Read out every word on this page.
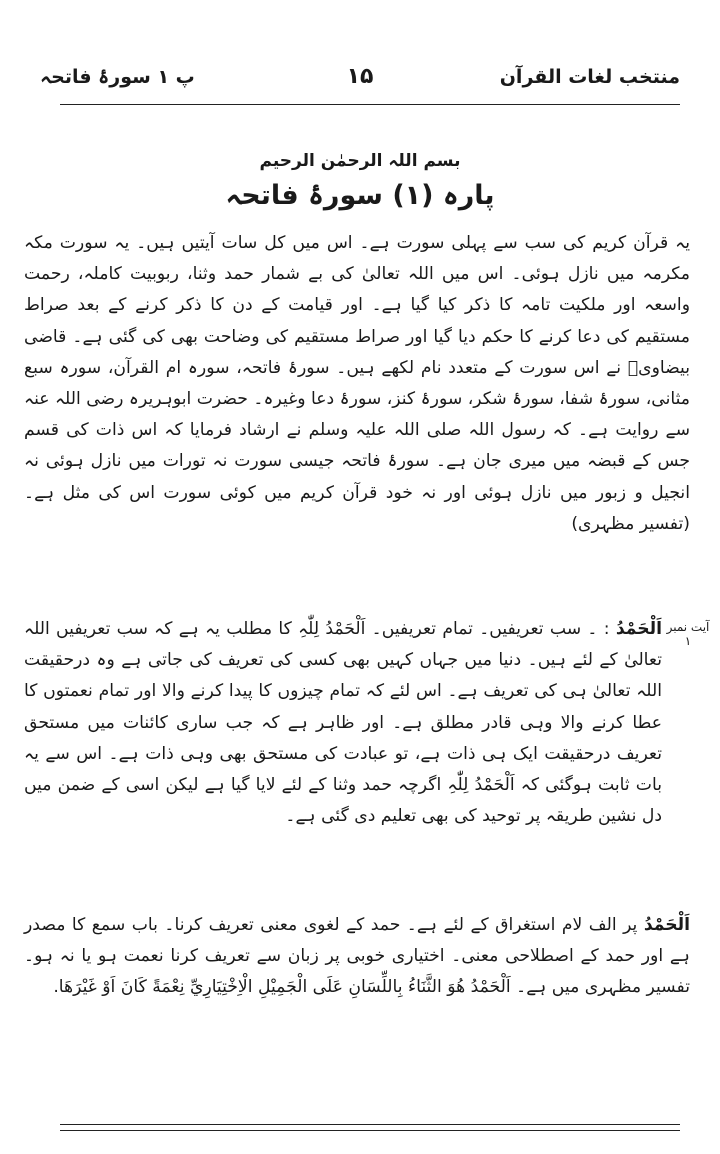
منتخب لغات القرآن
۱۵
پ ۱ سورۂ فاتحہ
بسم اللہ الرحمٰن الرحیم
پارہ (۱) سورۂ فاتحہ
یہ قرآن کریم کی سب سے پہلی سورت ہے۔ اس میں کل سات آیتیں ہیں۔ یہ سورت مکہ مکرمہ میں نازل ہوئی۔ اس میں اللہ تعالیٰ کی بے شمار حمد وثنا، ربوبیت کاملہ، رحمت واسعہ اور ملکیت تامہ کا ذکر کیا گیا ہے۔ اور قیامت کے دن کا ذکر کرنے کے بعد صراط مستقیم کی دعا کرنے کا حکم دیا گیا اور صراط مستقیم کی وضاحت بھی کی گئی ہے۔ قاضی بیضاویؒ نے اس سورت کے متعدد نام لکھے ہیں۔ سورۂ فاتحہ، سورہ ام القرآن، سورہ سبع مثانی، سورۂ شفا، سورۂ شکر، سورۂ کنز، سورۂ دعا وغیرہ۔ حضرت ابوہریرہ رضی اللہ عنہ سے روایت ہے۔ کہ رسول اللہ صلی اللہ علیہ وسلم نے ارشاد فرمایا کہ اس ذات کی قسم جس کے قبضہ میں میری جان ہے۔ سورۂ فاتحہ جیسی سورت نہ تورات میں نازل ہوئی نہ انجیل و زبور میں نازل ہوئی اور نہ خود قرآن کریم میں کوئی سورت اس کی مثل ہے۔ (تفسیر مظہری)
آیت نمبر ۱
اَلْحَمْدُ : ۔ سب تعریفیں۔ تمام تعریفیں۔ اَلْحَمْدُ لِلّٰہِ کا مطلب یہ ہے کہ سب تعریفیں اللہ تعالیٰ کے لئے ہیں۔ دنیا میں جہاں کہیں بھی کسی کی تعریف کی جاتی ہے وہ درحقیقت اللہ تعالیٰ ہی کی تعریف ہے۔ اس لئے کہ تمام چیزوں کا پیدا کرنے والا اور تمام نعمتوں کا عطا کرنے والا وہی قادر مطلق ہے۔ اور ظاہر ہے کہ جب ساری کائنات میں مستحق تعریف درحقیقت ایک ہی ذات ہے، تو عبادت کی مستحق بھی وہی ذات ہے۔ اس سے یہ بات ثابت ہوگئی کہ اَلْحَمْدُ لِلّٰہِ اگرچہ حمد وثنا کے لئے لایا گیا ہے لیکن اسی کے ضمن میں دل نشین طریقہ پر توحید کی بھی تعلیم دی گئی ہے۔
اَلْحَمْدُ پر الف لام استغراق کے لئے ہے۔ حمد کے لغوی معنی تعریف کرنا۔ باب سمع کا مصدر ہے اور حمد کے اصطلاحی معنی۔ اختیاری خوبی پر زبان سے تعریف کرنا نعمت ہو یا نہ ہو۔ تفسیر مظہری میں ہے۔ اَلْحَمْدُ هُوَ الثَّنَاءُ بِاللِّسَانِ عَلَى الْجَمِيْلِ الْاِخْتِيَارِيِّ نِعْمَةً كَانَ اَوْ غَيْرَهَا.
